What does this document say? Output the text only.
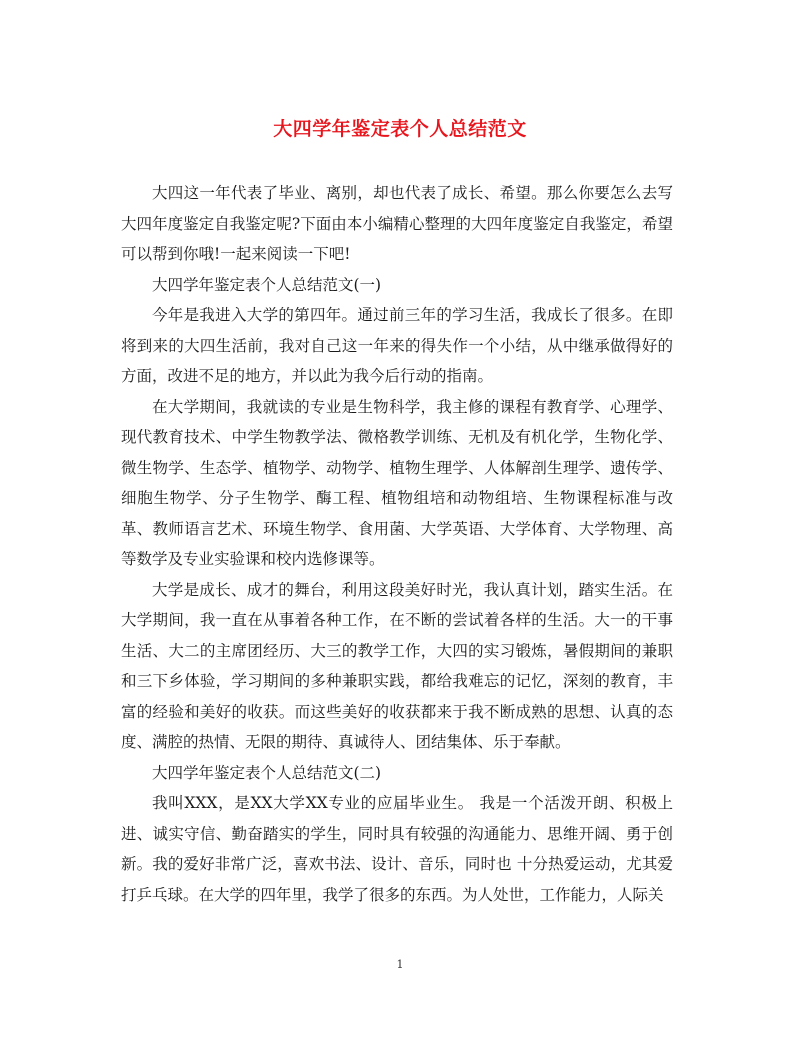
大四学年鉴定表个人总结范文

大四这一年代表了毕业、离别，却也代表了成长、希望。那么你要怎么去写大四年度鉴定自我鉴定呢?下面由本小编精心整理的大四年度鉴定自我鉴定，希望可以帮到你哦!一起来阅读一下吧!

大四学年鉴定表个人总结范文(一)

今年是我进入大学的第四年。通过前三年的学习生活，我成长了很多。在即将到来的大四生活前，我对自己这一年来的得失作一个小结，从中继承做得好的方面，改进不足的地方，并以此为我今后行动的指南。

在大学期间，我就读的专业是生物科学，我主修的课程有教育学、心理学、现代教育技术、中学生物教学法、微格教学训练、无机及有机化学，生物化学、微生物学、生态学、植物学、动物学、植物生理学、人体解剖生理学、遗传学、细胞生物学、分子生物学、酶工程、植物组培和动物组培、生物课程标准与改革、教师语言艺术、环境生物学、食用菌、大学英语、大学体育、大学物理、高等数学及专业实验课和校内选修课等。

大学是成长、成才的舞台，利用这段美好时光，我认真计划，踏实生活。在大学期间，我一直在从事着各种工作，在不断的尝试着各样的生活。大一的干事生活、大二的主席团经历、大三的教学工作，大四的实习锻炼，暑假期间的兼职和三下乡体验，学习期间的多种兼职实践，都给我难忘的记忆，深刻的教育，丰富的经验和美好的收获。而这些美好的收获都来于我不断成熟的思想、认真的态度、满腔的热情、无限的期待、真诚待人、团结集体、乐于奉献。

大四学年鉴定表个人总结范文(二)

我叫XXX，是XX大学XX专业的应届毕业生。 我是一个活泼开朗、积极上进、诚实守信、勤奋踏实的学生，同时具有较强的沟通能力、思维开阔、勇于创新。我的爱好非常广泛，喜欢书法、设计、音乐，同时也 十分热爱运动，尤其爱打乒乓球。在大学的四年里，我学了很多的东西。为人处世，工作能力，人际关

1
